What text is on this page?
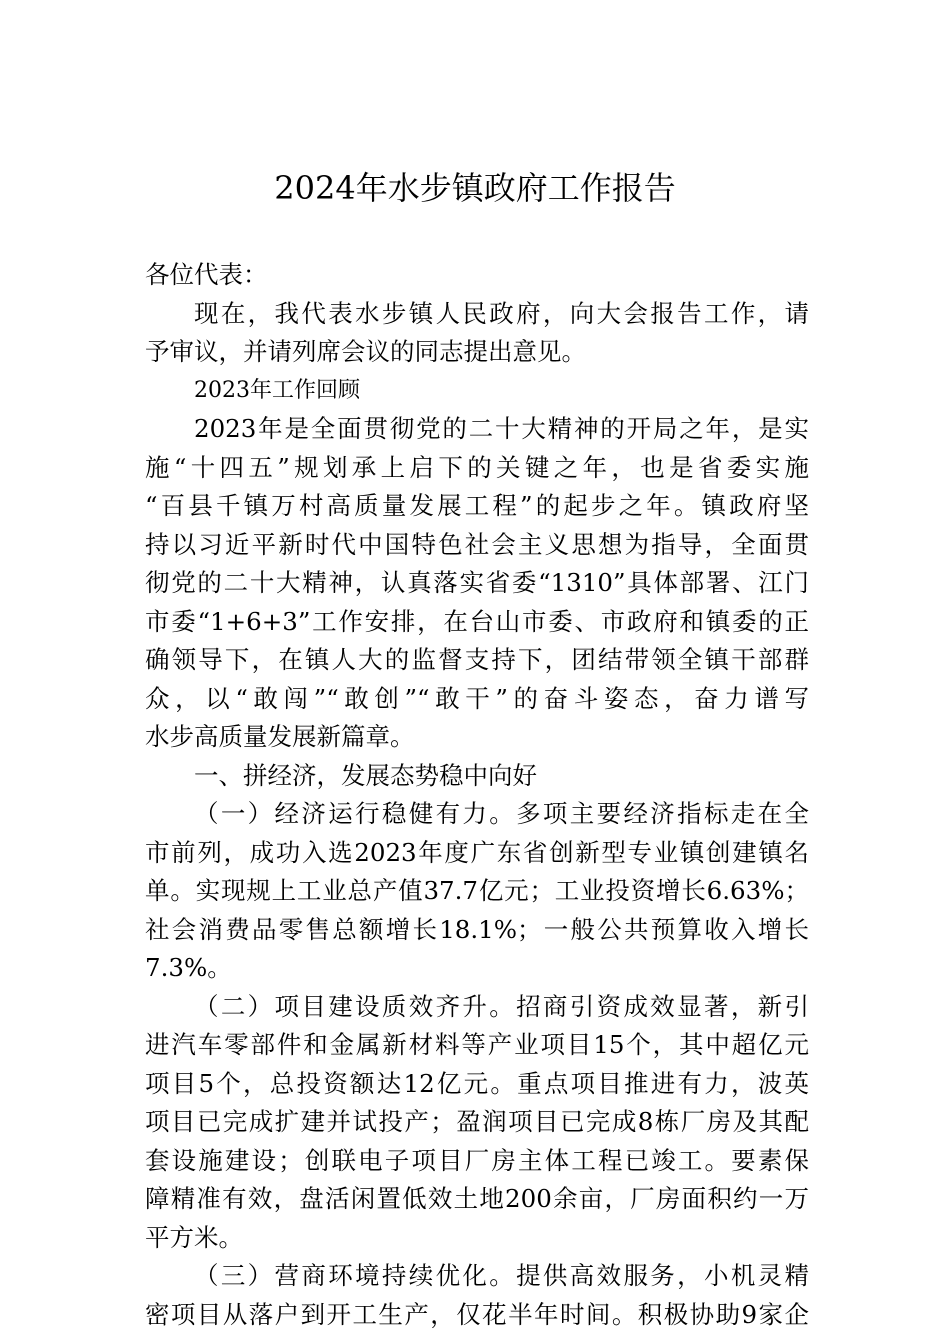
2024年水步镇政府工作报告

各位代表：

现在，我代表水步镇人民政府，向大会报告工作，请

予审议，并请列席会议的同志提出意见。

2023年工作回顾

2023年是全面贯彻党的二十大精神的开局之年，是实

施“十四五”规划承上启下的关键之年，也是省委实施

“百县千镇万村高质量发展工程”的起步之年。镇政府坚

持以习近平新时代中国特色社会主义思想为指导，全面贯

彻党的二十大精神，认真落实省委“1310”具体部署、江门

市委“1+6+3”工作安排，在台山市委、市政府和镇委的正

确领导下，在镇人大的监督支持下，团结带领全镇干部群

众，以“敢闯”“敢创”“敢干”的奋斗姿态，奋力谱写

水步高质量发展新篇章。

一、拼经济，发展态势稳中向好

（一）经济运行稳健有力。多项主要经济指标走在全

市前列，成功入选2023年度广东省创新型专业镇创建镇名

单。实现规上工业总产值37.7亿元；工业投资增长6.63%；

社会消费品零售总额增长18.1%；一般公共预算收入增长

7.3%。

（二）项目建设质效齐升。招商引资成效显著，新引

进汽车零部件和金属新材料等产业项目15个，其中超亿元

项目5个，总投资额达12亿元。重点项目推进有力，波英

项目已完成扩建并试投产；盈润项目已完成8栋厂房及其配

套设施建设；创联电子项目厂房主体工程已竣工。要素保

障精准有效，盘活闲置低效土地200余亩，厂房面积约一万

平方米。

（三）营商环境持续优化。提供高效服务，小机灵精

密项目从落户到开工生产，仅花半年时间。积极协助9家企
